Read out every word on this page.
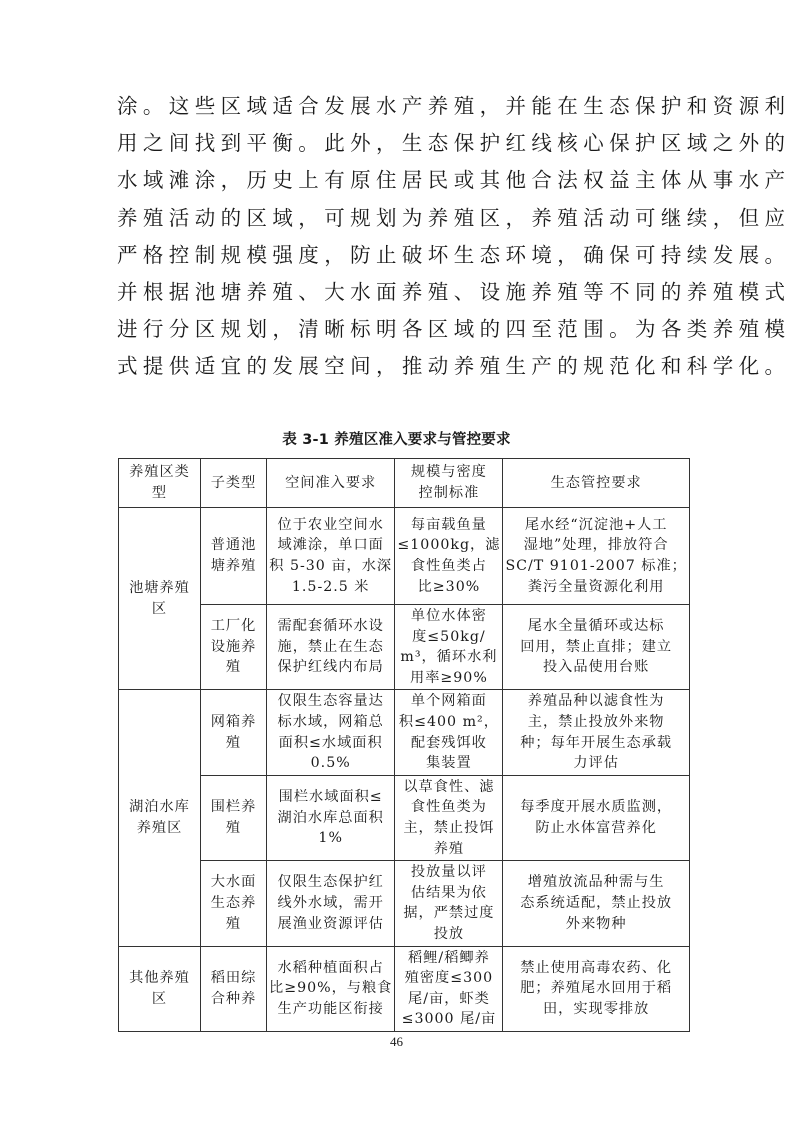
涂。这些区域适合发展水产养殖，并能在生态保护和资源利
用之间找到平衡。此外，生态保护红线核心保护区域之外的
水域滩涂，历史上有原住居民或其他合法权益主体从事水产
养殖活动的区域，可规划为养殖区，养殖活动可继续，但应
严格控制规模强度，防止破坏生态环境，确保可持续发展。
并根据池塘养殖、大水面养殖、设施养殖等不同的养殖模式
进行分区规划，清晰标明各区域的四至范围。为各类养殖模
式提供适宜的发展空间，推动养殖生产的规范化和科学化。
表 3-1 养殖区准入要求与管控要求
养殖区类
型	子类型	空间准入要求	规模与密度
控制标准	生态管控要求

池塘养殖
区	普通池
塘养殖	位于农业空间水
域滩涂，单口面
积 5-30 亩，水深
1.5-2.5 米	每亩载鱼量
≤1000kg，滤
食性鱼类占
比≥30%	尾水经“沉淀池+人工
湿地”处理，排放符合
SC/T 9101-2007 标准；
粪污全量资源化利用

	工厂化
设施养
殖	需配套循环水设
施，禁止在生态
保护红线内布局	单位水体密
度≤50kg/
m³，循环水利
用率≥90%	尾水全量循环或达标
回用，禁止直排；建立
投入品使用台账

湖泊水库
养殖区	网箱养
殖	仅限生态容量达
标水域，网箱总
面积≤水域面积
0.5%	单个网箱面
积≤400 m²，
配套残饵收
集装置	养殖品种以滤食性为
主，禁止投放外来物
种；每年开展生态承载
力评估

	围栏养
殖	围栏水域面积≤
湖泊水库总面积
1%	以草食性、滤
食性鱼类为
主，禁止投饵
养殖	每季度开展水质监测，
防止水体富营养化

	大水面
生态养
殖	仅限生态保护红
线外水域，需开
展渔业资源评估	投放量以评
估结果为依
据，严禁过度
投放	增殖放流品种需与生
态系统适配，禁止投放
外来物种

其他养殖
区	稻田综
合种养	水稻种植面积占
比≥90%，与粮食
生产功能区衔接	稻鲤/稻鲫养
殖密度≤300
尾/亩，虾类
≤3000 尾/亩	禁止使用高毒农药、化
肥；养殖尾水回用于稻
田，实现零排放
46
